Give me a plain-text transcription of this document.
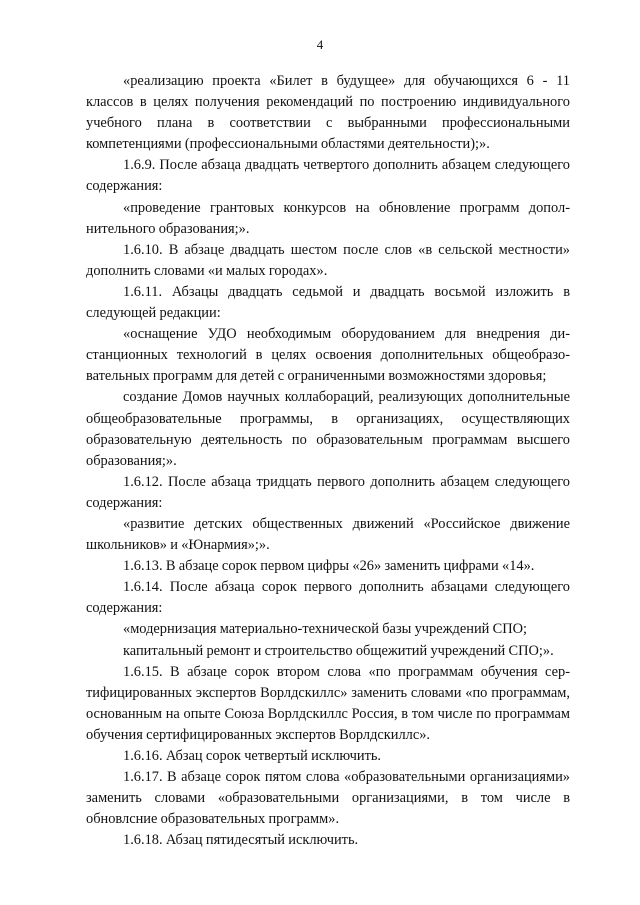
4

«реализацию проекта «Билет в будущее» для обучающихся 6 - 11 классов в целях получения рекомендаций по построению индивидуального учебного плана в соответствии с выбранными профессиональными компетенциями (профессиональными областями деятельности);».

1.6.9. После абзаца двадцать четвертого дополнить абзацем следующего содержания:

«проведение грантовых конкурсов на обновление программ дополнительного образования;».

1.6.10. В абзаце двадцать шестом после слов «в сельской местности» дополнить словами «и малых городах».

1.6.11. Абзацы двадцать седьмой и двадцать восьмой изложить в следующей редакции:

«оснащение УДО необходимым оборудованием для внедрения дистанционных технологий в целях освоения дополнительных общеобразовательных программ для детей с ограниченными возможностями здоровья;

создание Домов научных коллабораций, реализующих дополнительные общеобразовательные программы, в организациях, осуществляющих образовательную деятельность по образовательным программам высшего образования;».

1.6.12. После абзаца тридцать первого дополнить абзацем следующего содержания:

«развитие детских общественных движений «Российское движение школьников» и «Юнармия»;».

1.6.13. В абзаце сорок первом цифры «26» заменить цифрами «14».

1.6.14. После абзаца сорок первого дополнить абзацами следующего содержания:

«модернизация материально-технической базы учреждений СПО;

капитальный ремонт и строительство общежитий учреждений СПО;».

1.6.15. В абзаце сорок втором слова «по программам обучения сертифицированных экспертов Ворлдскиллс» заменить словами «по программам, основанным на опыте Союза Ворлдскиллс Россия, в том числе по программам обучения сертифицированных экспертов Ворлдскиллс».

1.6.16. Абзац сорок четвертый исключить.

1.6.17. В абзаце сорок пятом слова «образовательными организациями» заменить словами «образовательными организациями, в том числе в обновлсние образовательных программ».

1.6.18. Абзац пятидесятый исключить.
